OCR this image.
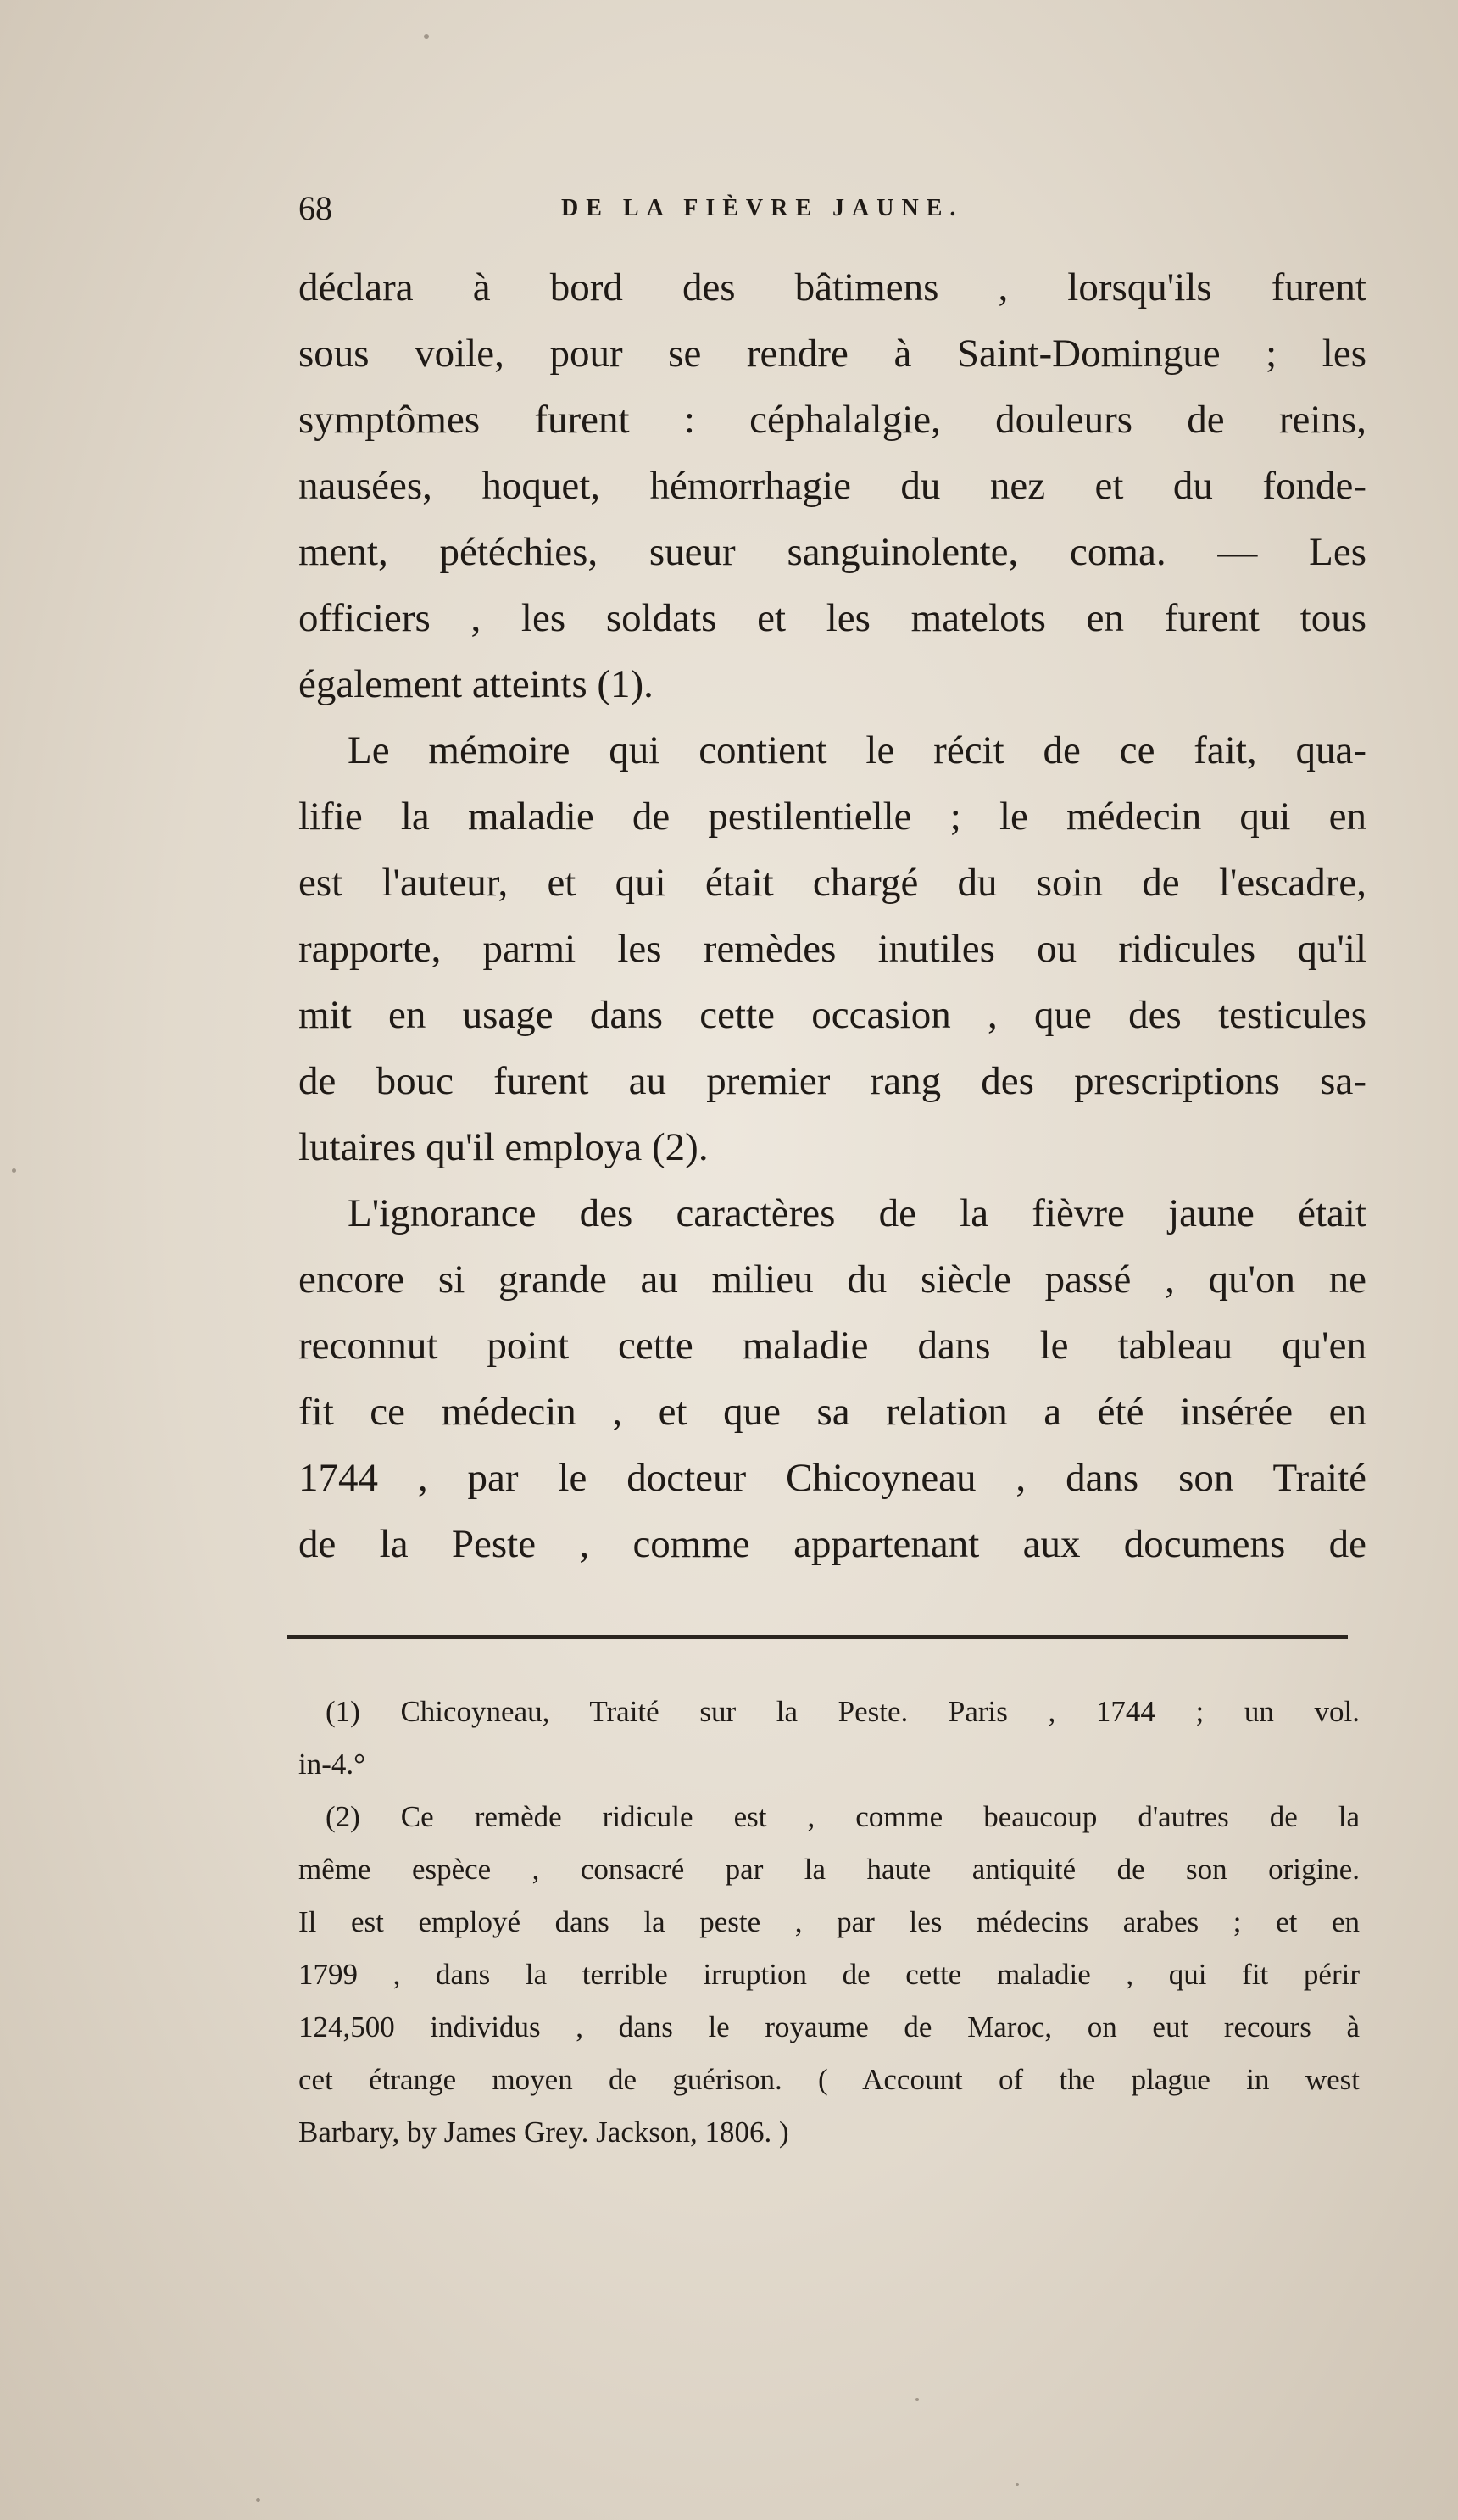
68	DE LA FIÈVRE JAUNE.
déclara à bord des bâtimens , lorsqu'ils furent
sous voile, pour se rendre à Saint-Domingue ; les
symptômes furent : céphalalgie, douleurs de reins,
nausées, hoquet, hémorrhagie du nez et du fonde-
ment, pétéchies, sueur sanguinolente, coma. — Les
officiers , les soldats et les matelots en furent tous
également atteints (1).
Le mémoire qui contient le récit de ce fait, qua-
lifie la maladie de pestilentielle ; le médecin qui en
est l'auteur, et qui était chargé du soin de l'escadre,
rapporte, parmi les remèdes inutiles ou ridicules qu'il
mit en usage dans cette occasion , que des testicules
de bouc furent au premier rang des prescriptions sa-
lutaires qu'il employa (2).
L'ignorance des caractères de la fièvre jaune était
encore si grande au milieu du siècle passé , qu'on ne
reconnut point cette maladie dans le tableau qu'en
fit ce médecin , et que sa relation a été insérée en
1744 , par le docteur Chicoyneau , dans son Traité
de la Peste , comme appartenant aux documens de
(1) Chicoyneau, Traité sur la Peste. Paris , 1744 ; un vol.
in-4.°
(2) Ce remède ridicule est , comme beaucoup d'autres de la
même espèce , consacré par la haute antiquité de son origine.
Il est employé dans la peste , par les médecins arabes ; et en
1799 , dans la terrible irruption de cette maladie , qui fit périr
124,500 individus , dans le royaume de Maroc, on eut recours à
cet étrange moyen de guérison. ( Account of the plague in west
Barbary, by James Grey. Jackson, 1806. )
